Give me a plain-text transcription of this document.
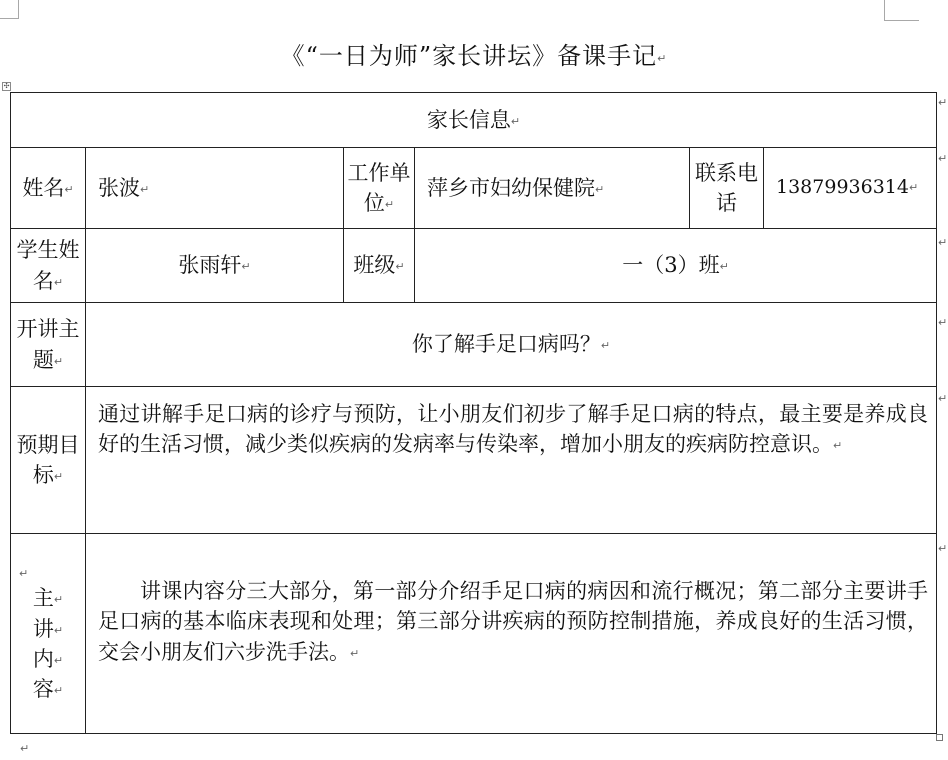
《“一日为师”家长讲坛》备课手记↵
✣
家长信息↵					
姓名↵	张波↵	工作单位↵	萍乡市妇幼保健院↵	联系电话	13879936314↵
学生姓名↵	张雨轩↵	班级↵	一（3）班↵		
开讲主题↵	你了解手足口病吗？↵				
预期目标↵	通过讲解手足口病的诊疗与预防，让小朋友们初步了解手足口病的特点，最主要是养成良好的生活习惯，减少类似疾病的发病率与传染率，增加小朋友的疾病防控意识。↵				

↵
主↵
讲↵
内↵
容↵	讲课内容分三大部分，第一部分介绍手足口病的病因和流行概况；第二部分主要讲手足口病的基本临床表现和处理；第三部分讲疾病的预防控制措施，养成良好的生活习惯，交会小朋友们六步洗手法。↵				
↵
↵
↵
↵
↵
↵
↵
